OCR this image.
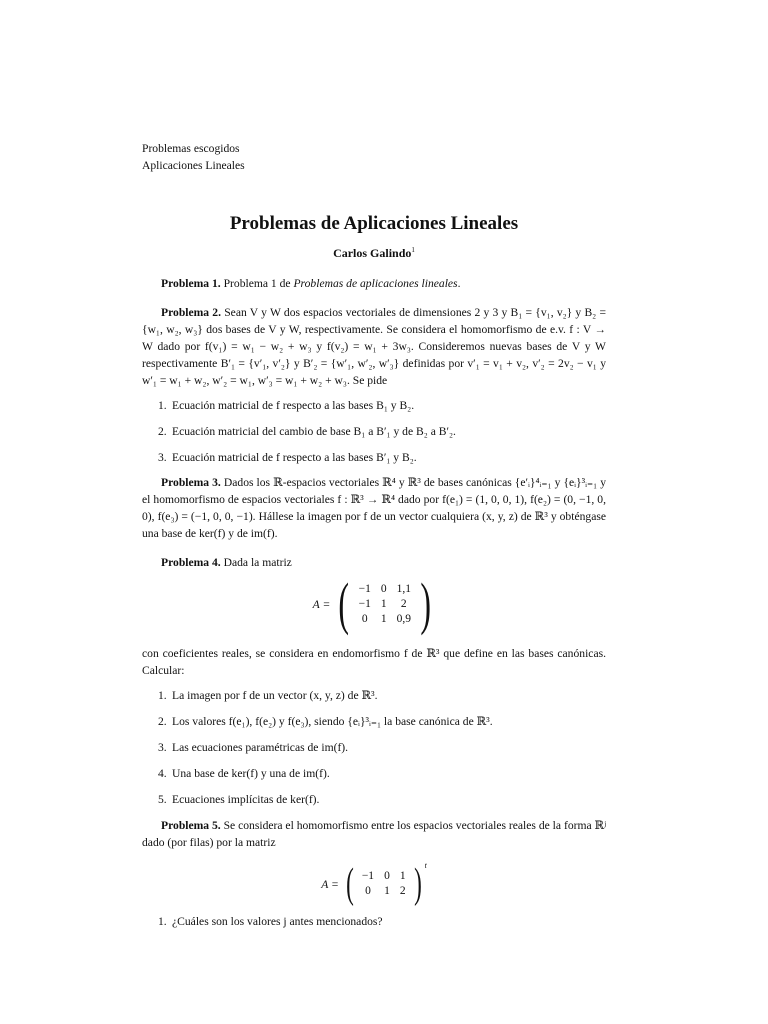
Problemas escogidos

Aplicaciones Lineales

Problemas de Aplicaciones Lineales
Carlos Galindo$^1$

Problema 1. Problema 1 de Problemas de aplicaciones lineales.

Problema 2. Sean V y W dos espacios vectoriales de dimensiones 2 y 3 y B₁ = {v₁, v₂} y B₂ = {w₁, w₂, w₃} dos bases de V y W, respectivamente. Se considera el homomorfismo de e.v. f : V → W dado por f(v₁) = w₁ − w₂ + w₃ y f(v₂) = w₁ + 3w₃. Consideremos nuevas bases de V y W respectivamente B′₁ = {v′₁, v′₂} y B′₂ = {w′₁, w′₂, w′₃} definidas por v′₁ = v₁ + v₂, v′₂ = 2v₂ − v₁ y w′₁ = w₁ + w₂, w′₂ = w₁, w′₃ = w₁ + w₂ + w₃. Se pide

1. Ecuación matricial de f respecto a las bases B₁ y B₂.
2. Ecuación matricial del cambio de base B₁ a B′₁ y de B₂ a B′₂.
3. Ecuación matricial de f respecto a las bases B′₁ y B₂.

Problema 3. Dados los ℝ-espacios vectoriales ℝ⁴ y ℝ³ de bases canónicas {e′ᵢ}⁴ᵢ₌₁ y {eᵢ}³ᵢ₌₁ y el homomorfismo de espacios vectoriales f : ℝ³ → ℝ⁴ dado por f(e₁) = (1, 0, 0, 1), f(e₂) = (0, −1, 0, 0), f(e₃) = (−1, 0, 0, −1). Hállese la imagen por f de un vector cualquiera (x, y, z) de ℝ³ y obténgase una base de ker(f) y de im(f).

Problema 4. Dada la matriz

A = ( −1	0	1,1
−1	1	2
0	1	0,9 )

con coeficientes reales, se considera en endomorfismo f de ℝ³ que define en las bases canónicas. Calcular:

1. La imagen por f de un vector (x, y, z) de ℝ³.
2. Los valores f(e₁), f(e₂) y f(e₃), siendo {eᵢ}³ᵢ₌₁ la base canónica de ℝ³.
3. Las ecuaciones paramétricas de im(f).
4. Una base de ker(f) y una de im(f).
5. Ecuaciones implícitas de ker(f).

Problema 5. Se considera el homomorfismo entre los espacios vectoriales reales de la forma ℝʲ dado (por filas) por la matriz

A = ( −1	0	1
0	1	2 ) $^t$
1. ¿Cuáles son los valores j antes mencionados?
